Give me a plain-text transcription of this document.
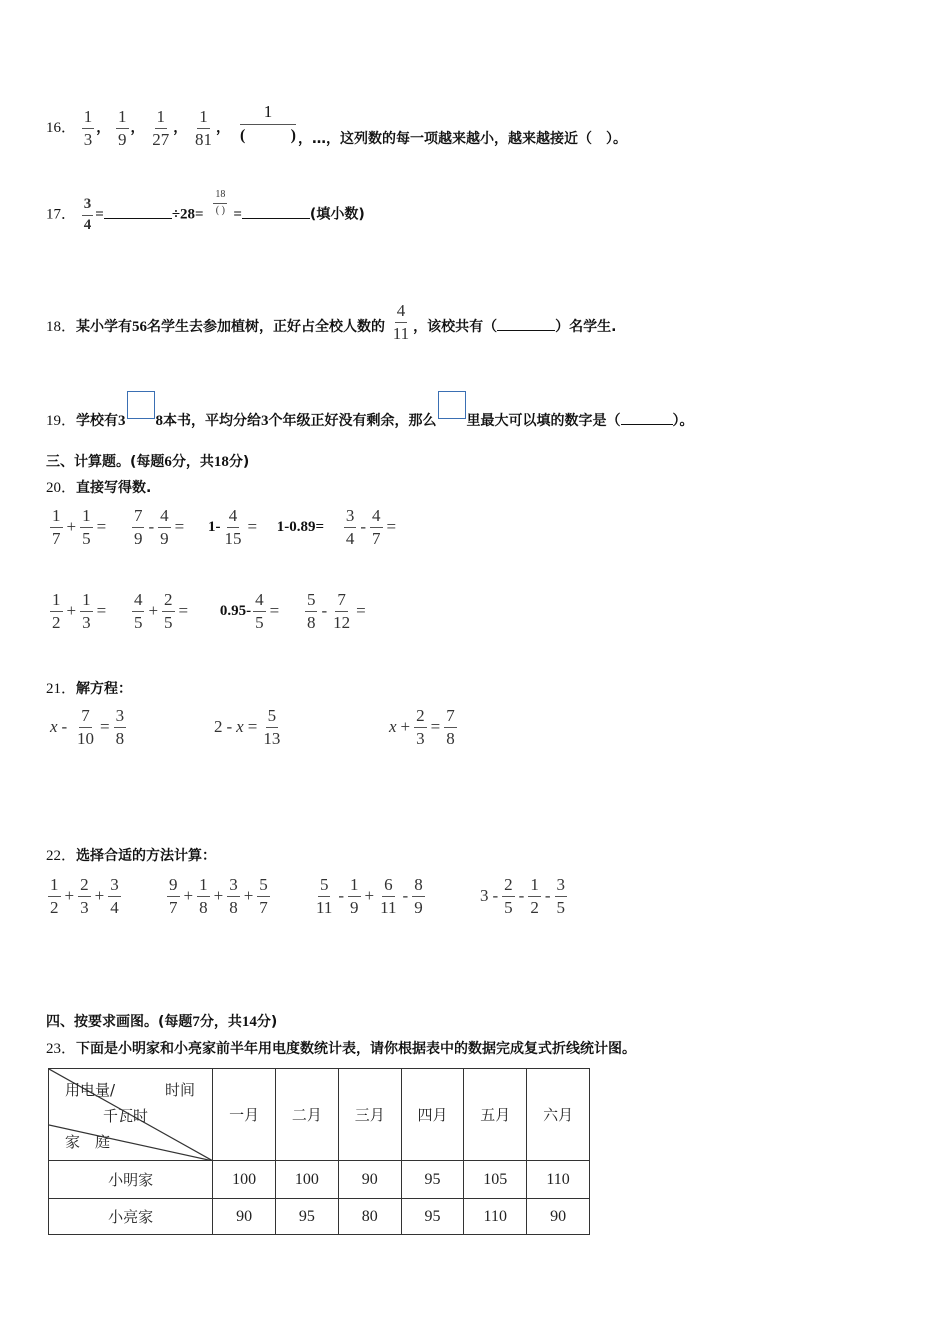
16． $\frac{1}{3}$ ， $\frac{1}{9}$ ， $\frac{1}{27}$ ， $\frac{1}{81}$ ，
1
(	) ，…，这列数的每一项越来越小，越来越接近（　）。
17． $\frac{3}{4}$ =	$\div 28= \frac{18}{( )}$ =	(填小数)
18．某小学有56名学生去参加植树，正好占全校人数的 $\frac{4}{11}$ ，该校共有（	）名学生.
19．学校有3 8本书，平均分给3个年级正好没有剩余，那么 里最大可以填的数字是（	）。
三、计算题。(每题6分，共18分)
20．直接写得数.
$\frac{1}{7} + \frac{1}{5} = \frac{7}{9} - \frac{4}{9} = 1- \frac{4}{15} = 1-0.89= \frac{3}{4} - \frac{4}{7}$ =
$\frac{1}{2} + \frac{1}{3} = \frac{4}{5} + \frac{2}{5} = 0.95- \frac{4}{5} = \frac{5}{8} - \frac{7}{12}$ =
21．解方程：
$x - \frac{7}{10} = \frac{3}{8}$	$2 - x = \frac{5}{13}$	$x + \frac{2}{3} = \frac{7}{8}$
22．选择合适的方法计算：
$\frac{1}{2} + \frac{2}{3} + \frac{3}{4}$	$\frac{9}{7} + \frac{1}{8} + \frac{3}{8} + \frac{5}{7}$	$\frac{5}{11} - \frac{1}{9} + \frac{6}{11} - \frac{8}{9}$	$3 - \frac{2}{5} - \frac{1}{2} - \frac{3}{5}$
四、按要求画图。(每题7分，共14分)
23．下面是小明家和小亮家前半年用电度数统计表，请你根据表中的数据完成复式折线统计图。
用电量/ 时间
千瓦时
家　庭	一月	二月	三月	四月	五月	六月
小明家	100	100	90	95	105	110
小亮家	90	95	80	95	110	90
